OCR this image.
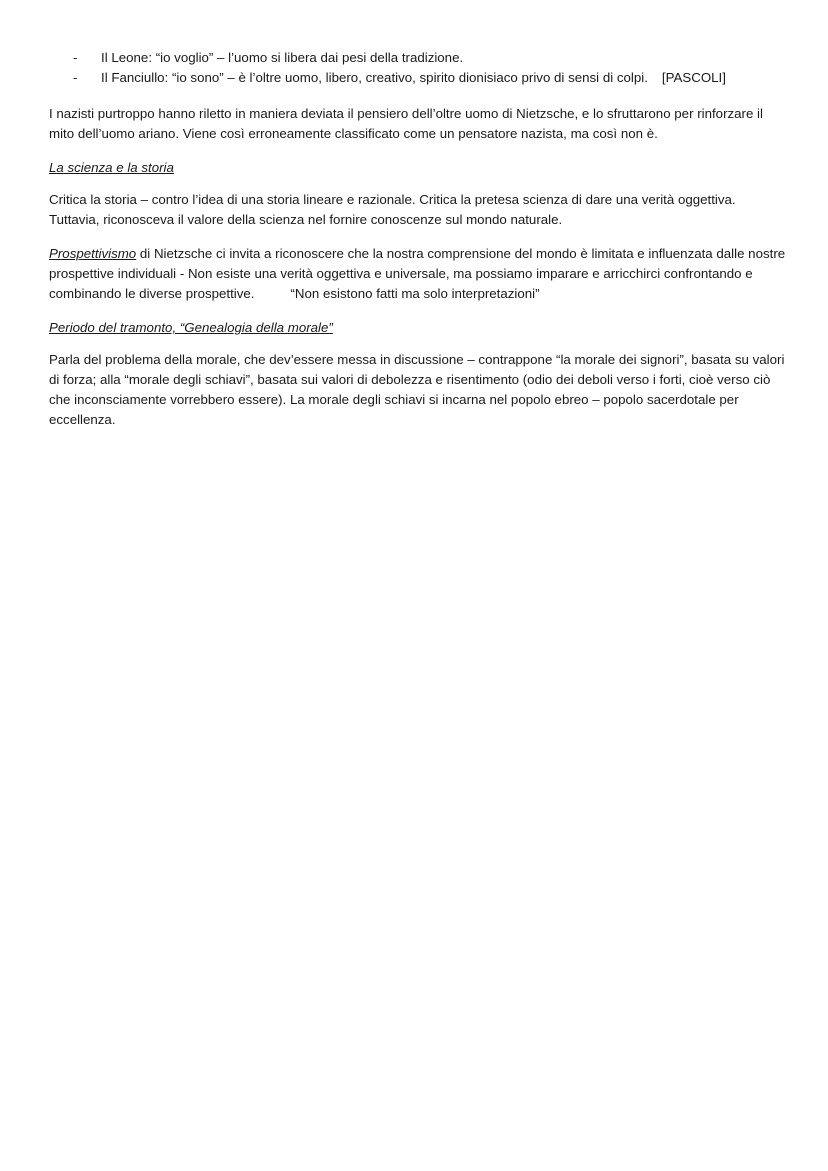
- Il Leone: “io voglio” – l’uomo si libera dai pesi della tradizione.
- Il Fanciullo: “io sono” – è l’oltre uomo, libero, creativo, spirito dionisiaco privo di sensi di colpi. [PASCOLI]

I nazisti purtroppo hanno riletto in maniera deviata il pensiero dell’oltre uomo di Nietzsche, e lo sfruttarono per rinforzare il mito dell’uomo ariano. Viene così erroneamente classificato come un pensatore nazista, ma così non è.

La scienza e la storia

Critica la storia – contro l’idea di una storia lineare e razionale. Critica la pretesa scienza di dare una verità oggettiva. Tuttavia, riconosceva il valore della scienza nel fornire conoscenze sul mondo naturale.

Prospettivismo di Nietzsche ci invita a riconoscere che la nostra comprensione del mondo è limitata e influenzata dalle nostre prospettive individuali - Non esiste una verità oggettiva e universale, ma possiamo imparare e arricchirci confrontando e combinando le diverse prospettive.	“Non esistono fatti ma solo interpretazioni”

Periodo del tramonto, “Genealogia della morale”

Parla del problema della morale, che dev’essere messa in discussione – contrappone “la morale dei signori”, basata su valori di forza; alla “morale degli schiavi”, basata sui valori di debolezza e risentimento (odio dei deboli verso i forti, cioè verso ciò che inconsciamente vorrebbero essere). La morale degli schiavi si incarna nel popolo ebreo – popolo sacerdotale per eccellenza.
